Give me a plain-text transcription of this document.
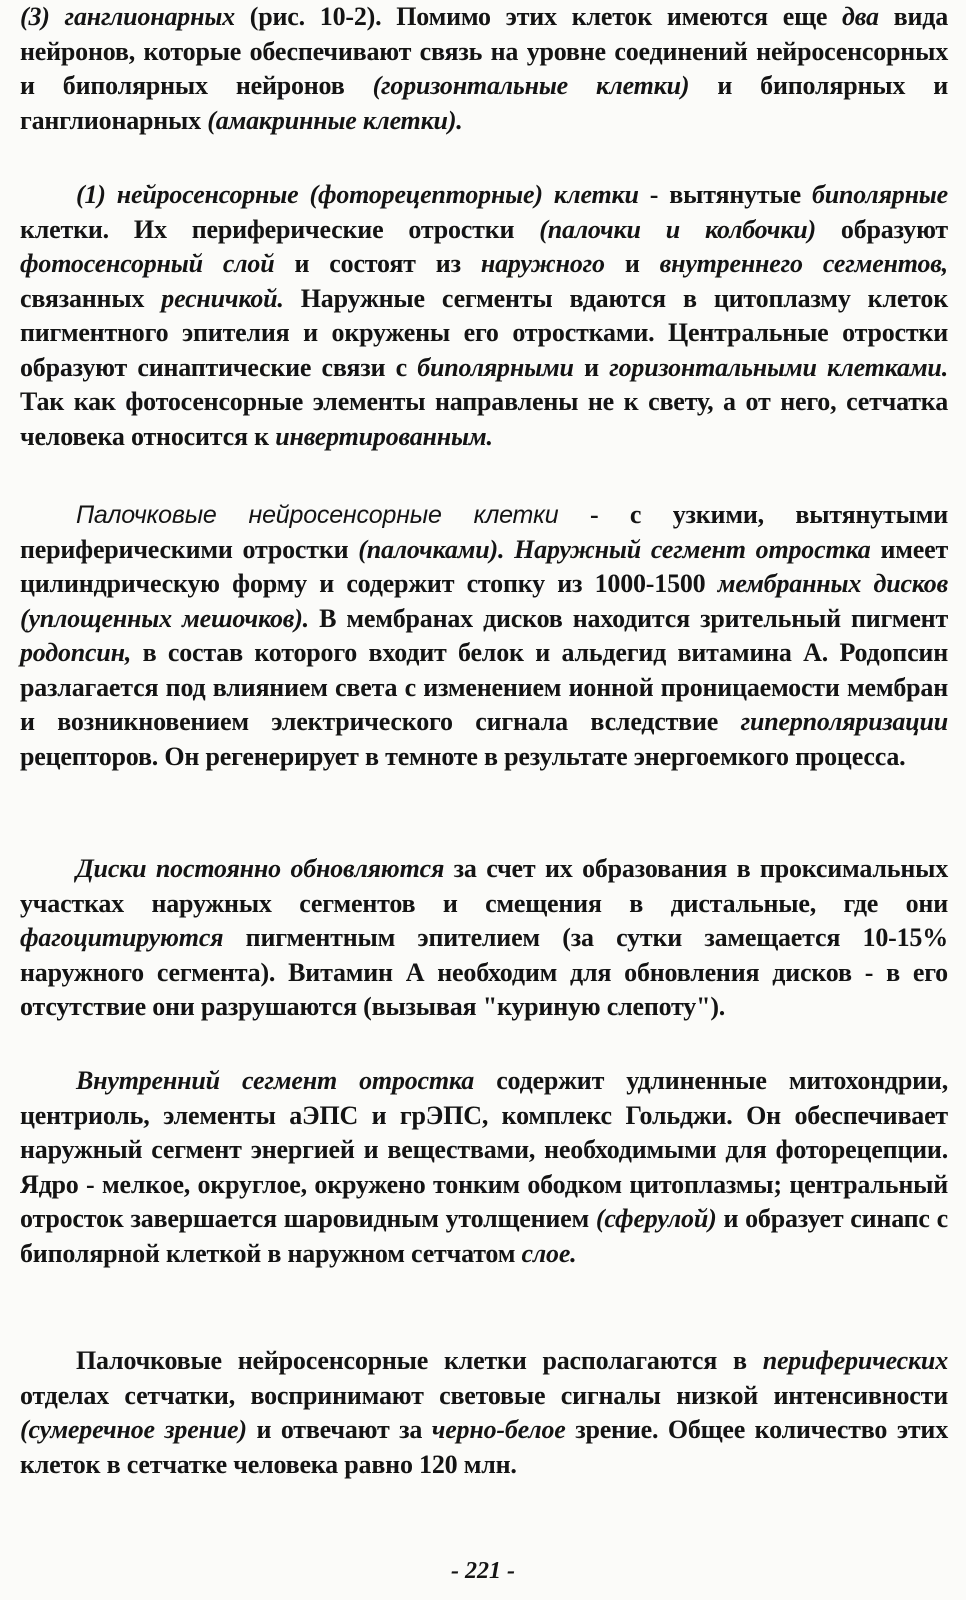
(3) ганглионарных (рис. 10-2). Помимо этих клеток имеются еще два вида нейронов, которые обеспечивают связь на уровне соединений нейросенсорных и биполярных нейронов (горизонтальные клетки) и биполярных и ганглионарных (амакринные клетки).

(1) нейросенсорные (фоторецепторные) клетки - вытянутые биполярные клетки. Их периферические отростки (палочки и колбочки) образуют фотосенсорный слой и состоят из наружного и внутреннего сегментов, связанных ресничкой. Наружные сегменты вдаются в цитоплазму клеток пигментного эпителия и окружены его отростками. Центральные отростки образуют синаптические связи с биполярными и горизонтальными клетками. Так как фотосенсорные элементы направлены не к свету, а от него, сетчатка человека относится к инвертированным.

Палочковые нейросенсорные клетки - с узкими, вытянутыми периферическими отростки (палочками). Наружный сегмент отростка имеет цилиндрическую форму и содержит стопку из 1000-1500 мембранных дисков (уплощенных мешочков). В мембранах дисков находится зрительный пигмент родопсин, в состав которого входит белок и альдегид витамина А. Родопсин разлагается под влиянием света с изменением ионной проницаемости мембран и возникновением электрического сигнала вследствие гиперполяризации рецепторов. Он регенерирует в темноте в результате энергоемкого процесса.

Диски постоянно обновляются за счет их образования в проксимальных участках наружных сегментов и смещения в дистальные, где они фагоцитируются пигментным эпителием (за сутки замещается 10-15% наружного сегмента). Витамин А необходим для обновления дисков - в его отсутствие они разрушаются (вызывая "куриную слепоту").

Внутренний сегмент отростка содержит удлиненные митохондрии, центриоль, элементы аЭПС и грЭПС, комплекс Гольджи. Он обеспечивает наружный сегмент энергией и веществами, необходимыми для фоторецепции. Ядро - мелкое, округлое, окружено тонким ободком цитоплазмы; центральный отросток завершается шаровидным утолщением (сферулой) и образует синапс с биполярной клеткой в наружном сетчатом слое.

Палочковые нейросенсорные клетки располагаются в периферических отделах сетчатки, воспринимают световые сигналы низкой интенсивности (сумеречное зрение) и отвечают за черно-белое зрение. Общее количество этих клеток в сетчатке человека равно 120 млн.

- 221 -
